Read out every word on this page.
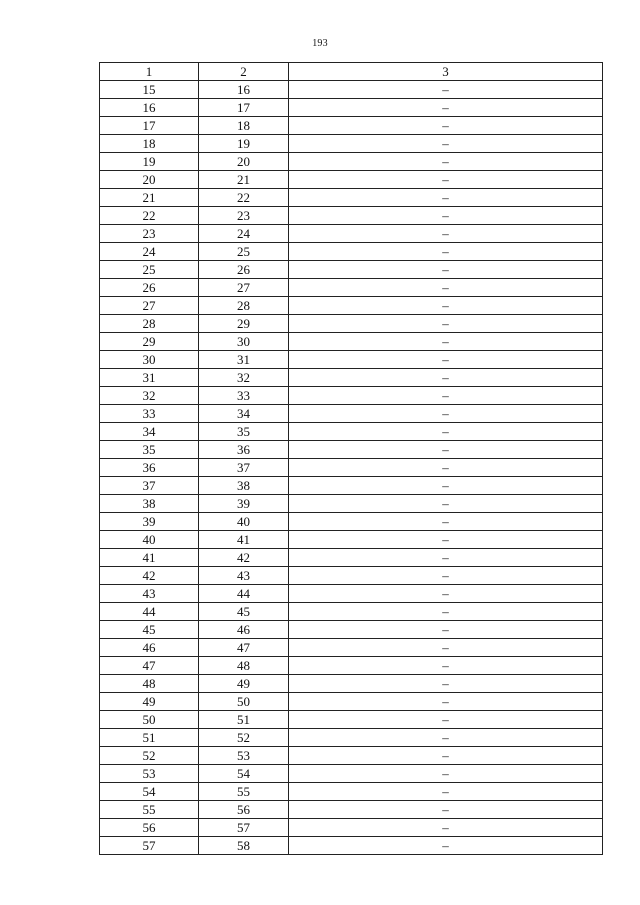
193
1	2	3
15	16	–
16	17	–
17	18	–
18	19	–
19	20	–
20	21	–
21	22	–
22	23	–
23	24	–
24	25	–
25	26	–
26	27	–
27	28	–
28	29	–
29	30	–
30	31	–
31	32	–
32	33	–
33	34	–
34	35	–
35	36	–
36	37	–
37	38	–
38	39	–
39	40	–
40	41	–
41	42	–
42	43	–
43	44	–
44	45	–
45	46	–
46	47	–
47	48	–
48	49	–
49	50	–
50	51	–
51	52	–
52	53	–
53	54	–
54	55	–
55	56	–
56	57	–
57	58	–
